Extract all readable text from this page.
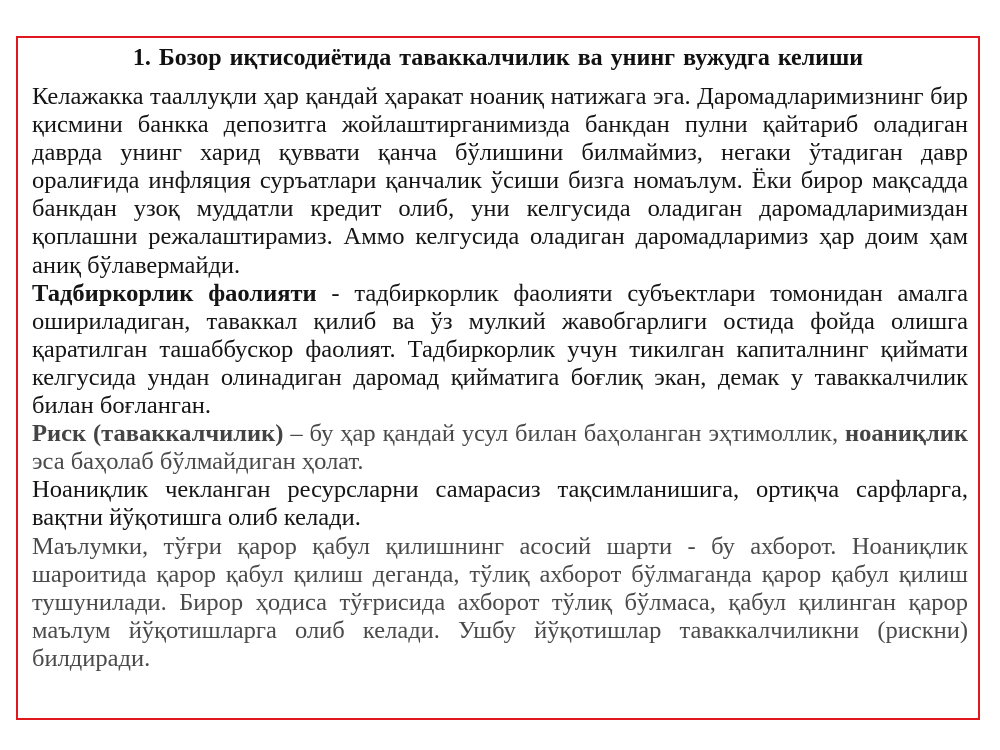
1. Бозор иқтисодиётида таваккалчилик ва унинг вужудга келиши

Келажакка тааллуқли ҳар қандай ҳаракат ноаниқ натижага эга. Даромадларимизнинг бир қисмини банкка депозитга жойлаштирганимизда банкдан пулни қайтариб оладиган даврда унинг харид қуввати қанча бўлишини билмаймиз, негаки ўтадиган давр оралиғида инфляция суръатлари қанчалик ўсиши бизга номаълум. Ёки бирор мақсадда банкдан узоқ муддатли кредит олиб, уни келгусида оладиган даромадларимиздан қоплашни режалаштирамиз. Аммо келгусида оладиган даромадларимиз ҳар доим ҳам аниқ бўлавермайди.

Тадбиркорлик фаолияти - тадбиркорлик фаолияти субъектлари томонидан амалга ошириладиган, таваккал қилиб ва ўз мулкий жавобгарлиги остида фойда олишга қаратилган ташаббускор фаолият. Тадбиркорлик учун тикилган капиталнинг қиймати келгусида ундан олинадиган даромад қийматига боғлиқ экан, демак у таваккалчилик билан боғланган.

Риск (таваккалчилик) – бу ҳар қандай усул билан баҳоланган эҳтимоллик, ноаниқлик эса баҳолаб бўлмайдиган ҳолат.

Ноаниқлик чекланган ресурсларни самарасиз тақсимланишига, ортиқча сарфларга, вақтни йўқотишга олиб келади.

Маълумки, тўғри қарор қабул қилишнинг асосий шарти - бу ахборот. Ноаниқлик шароитида қарор қабул қилиш деганда, тўлиқ ахборот бўлмаганда қарор қабул қилиш тушунилади. Бирор ҳодиса тўғрисида ахборот тўлиқ бўлмаса, қабул қилинган қарор маълум йўқотишларга олиб келади. Ушбу йўқотишлар таваккалчиликни (рискни) билдиради.
